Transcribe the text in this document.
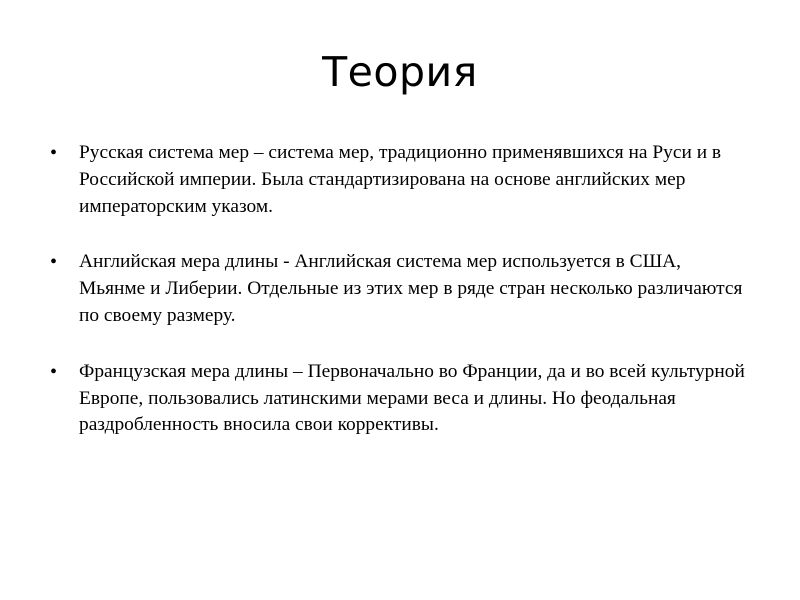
Теория
• Русская система мер – система мер, традиционно применявшихся на Руси и в Российской империи. Была стандартизирована на основе английских мер императорским указом.
• Английская мера длины - Английская система мер используется в США, Мьянме и Либерии. Отдельные из этих мер в ряде стран несколько различаются по своему размеру.
• Французская мера длины – Первоначально во Франции, да и во всей культурной Европе, пользовались латинскими мерами веса и длины. Но феодальная раздробленность вносила свои коррективы.
